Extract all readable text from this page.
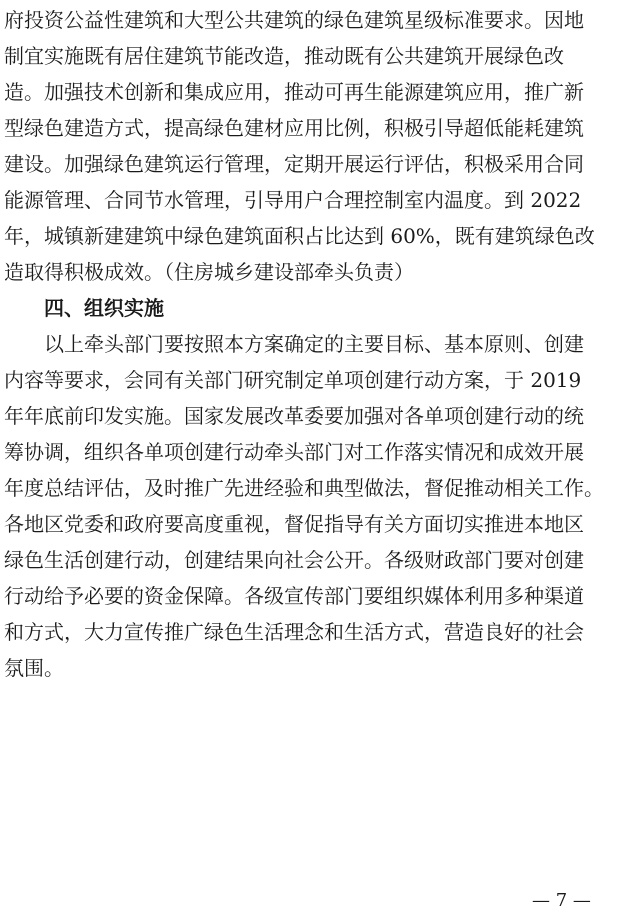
府投资公益性建筑和大型公共建筑的绿色建筑星级标准要求。因地
制宜实施既有居住建筑节能改造，推动既有公共建筑开展绿色改
造。加强技术创新和集成应用，推动可再生能源建筑应用，推广新
型绿色建造方式，提高绿色建材应用比例，积极引导超低能耗建筑
建设。加强绿色建筑运行管理，定期开展运行评估，积极采用合同
能源管理、合同节水管理，引导用户合理控制室内温度。到 2022
年，城镇新建建筑中绿色建筑面积占比达到 60%，既有建筑绿色改
造取得积极成效。（住房城乡建设部牵头负责）
四、组织实施
以上牵头部门要按照本方案确定的主要目标、基本原则、创建
内容等要求，会同有关部门研究制定单项创建行动方案，于 2019
年年底前印发实施。国家发展改革委要加强对各单项创建行动的统
筹协调，组织各单项创建行动牵头部门对工作落实情况和成效开展
年度总结评估，及时推广先进经验和典型做法，督促推动相关工作。
各地区党委和政府要高度重视，督促指导有关方面切实推进本地区
绿色生活创建行动，创建结果向社会公开。各级财政部门要对创建
行动给予必要的资金保障。各级宣传部门要组织媒体利用多种渠道
和方式，大力宣传推广绿色生活理念和生活方式，营造良好的社会
氛围。
— 7 —
